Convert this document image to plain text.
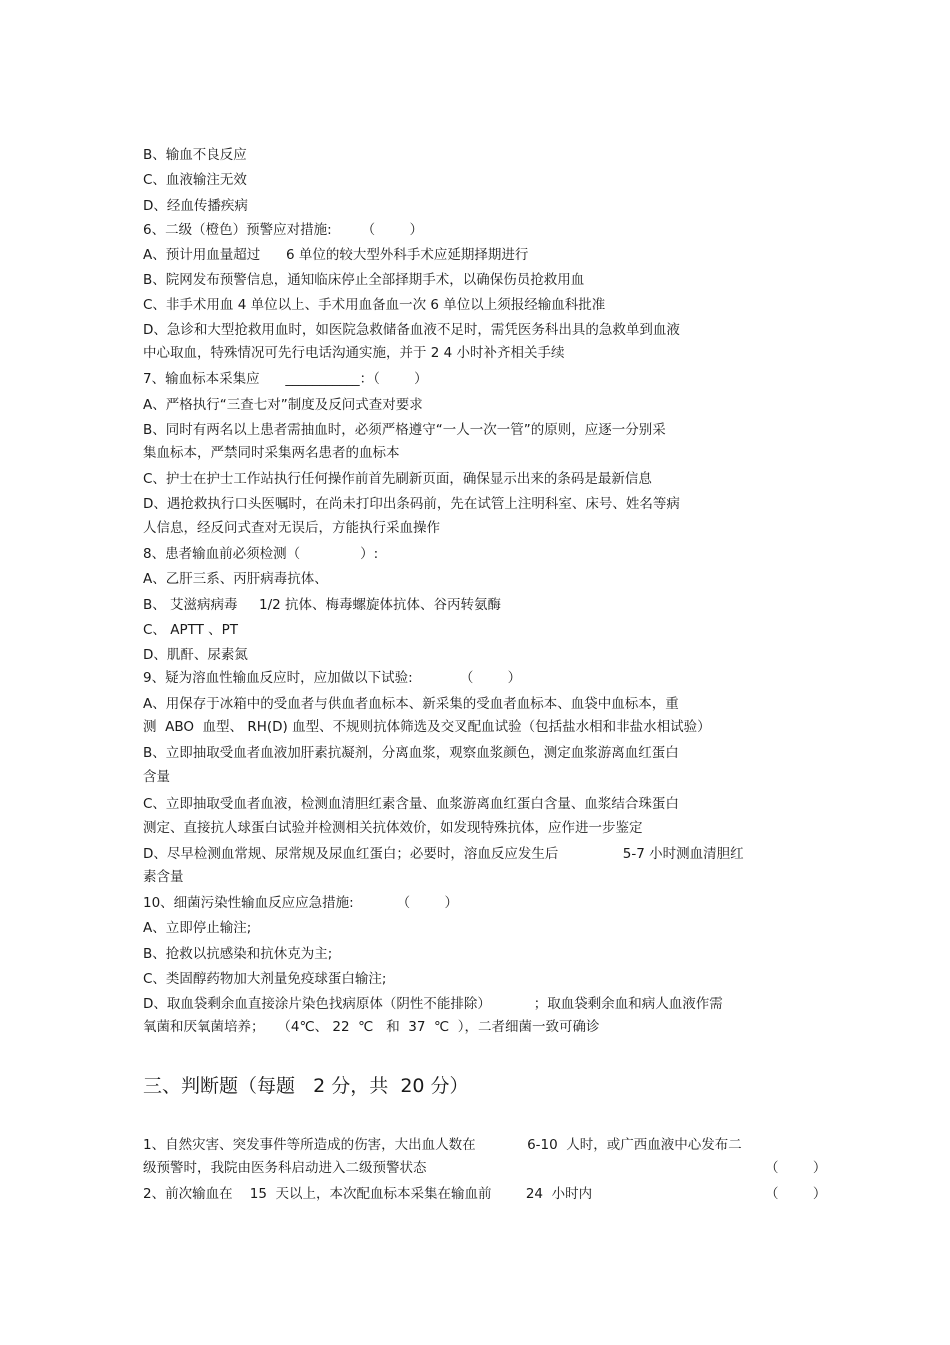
B、输血不良反应

C、血液输注无效

D、经血传播疾病

6、二级（橙色）预警应对措施:       （        ）

A、预计用血量超过      6 单位的较大型外科手术应延期择期进行

B、院网发布预警信息，通知临床停止全部择期手术，以确保伤员抢救用血

C、非手术用血 4 单位以上、手术用血备血一次 6 单位以上须报经输血科批准

D、急诊和大型抢救用血时，如医院急救储备血液不足时，需凭医务科出具的急救单到血液

中心取血，特殊情况可先行电话沟通实施，并于 2 4 小时补齐相关手续

7、输血标本采集应      ___________：（        ）

A、严格执行“三查七对”制度及反问式查对要求

B、同时有两名以上患者需抽血时，必须严格遵守“一人一次一管”的原则，应逐一分别采

集血标本，严禁同时采集两名患者的血标本

C、护士在护士工作站执行任何操作前首先刷新页面，确保显示出来的条码是最新信息

D、遇抢救执行口头医嘱时，在尚未打印出条码前，先在试管上注明科室、床号、姓名等病

人信息，经反问式查对无误后，方能执行采血操作

8、患者输血前必须检测（              ）:

A、乙肝三系、丙肝病毒抗体、

B、 艾滋病病毒     1/2 抗体、梅毒螺旋体抗体、谷丙转氨酶

C、 APTT 、PT

D、肌酐、尿素氮

9、疑为溶血性输血反应时，应加做以下试验:           （        ）

A、用保存于冰箱中的受血者与供血者血标本、新采集的受血者血标本、血袋中血标本，重

测  ABO  血型、 RH(D) 血型、不规则抗体筛选及交叉配血试验（包括盐水相和非盐水相试验）

B、立即抽取受血者血液加肝素抗凝剂，分离血浆，观察血浆颜色，测定血浆游离血红蛋白

含量

C、立即抽取受血者血液，检测血清胆红素含量、血浆游离血红蛋白含量、血浆结合珠蛋白

测定、直接抗人球蛋白试验并检测相关抗体效价，如发现特殊抗体，应作进一步鉴定

D、尽早检测血常规、尿常规及尿血红蛋白；必要时，溶血反应发生后               5-7 小时测血清胆红

素含量

10、细菌污染性输血反应应急措施:          （        ）

A、立即停止输注;

B、抢救以抗感染和抗休克为主;

C、类固醇药物加大剂量免疫球蛋白输注;

D、取血袋剩余血直接涂片染色找病原体（阴性不能排除）          ；取血袋剩余血和病人血液作需

氧菌和厌氧菌培养；   （4℃、 22  ℃   和  37  ℃  ），二者细菌一致可确诊

三、判断题（每题   2 分，共  20 分）

1、自然灾害、突发事件等所造成的伤害，大出血人数在            6-10  人时，或广西血液中心发布二

级预警时，我院由医务科启动进入二级预警状态	（        ）

2、前次输血在    15  天以上，本次配血标本采集在输血前        24  小时内	（        ）
